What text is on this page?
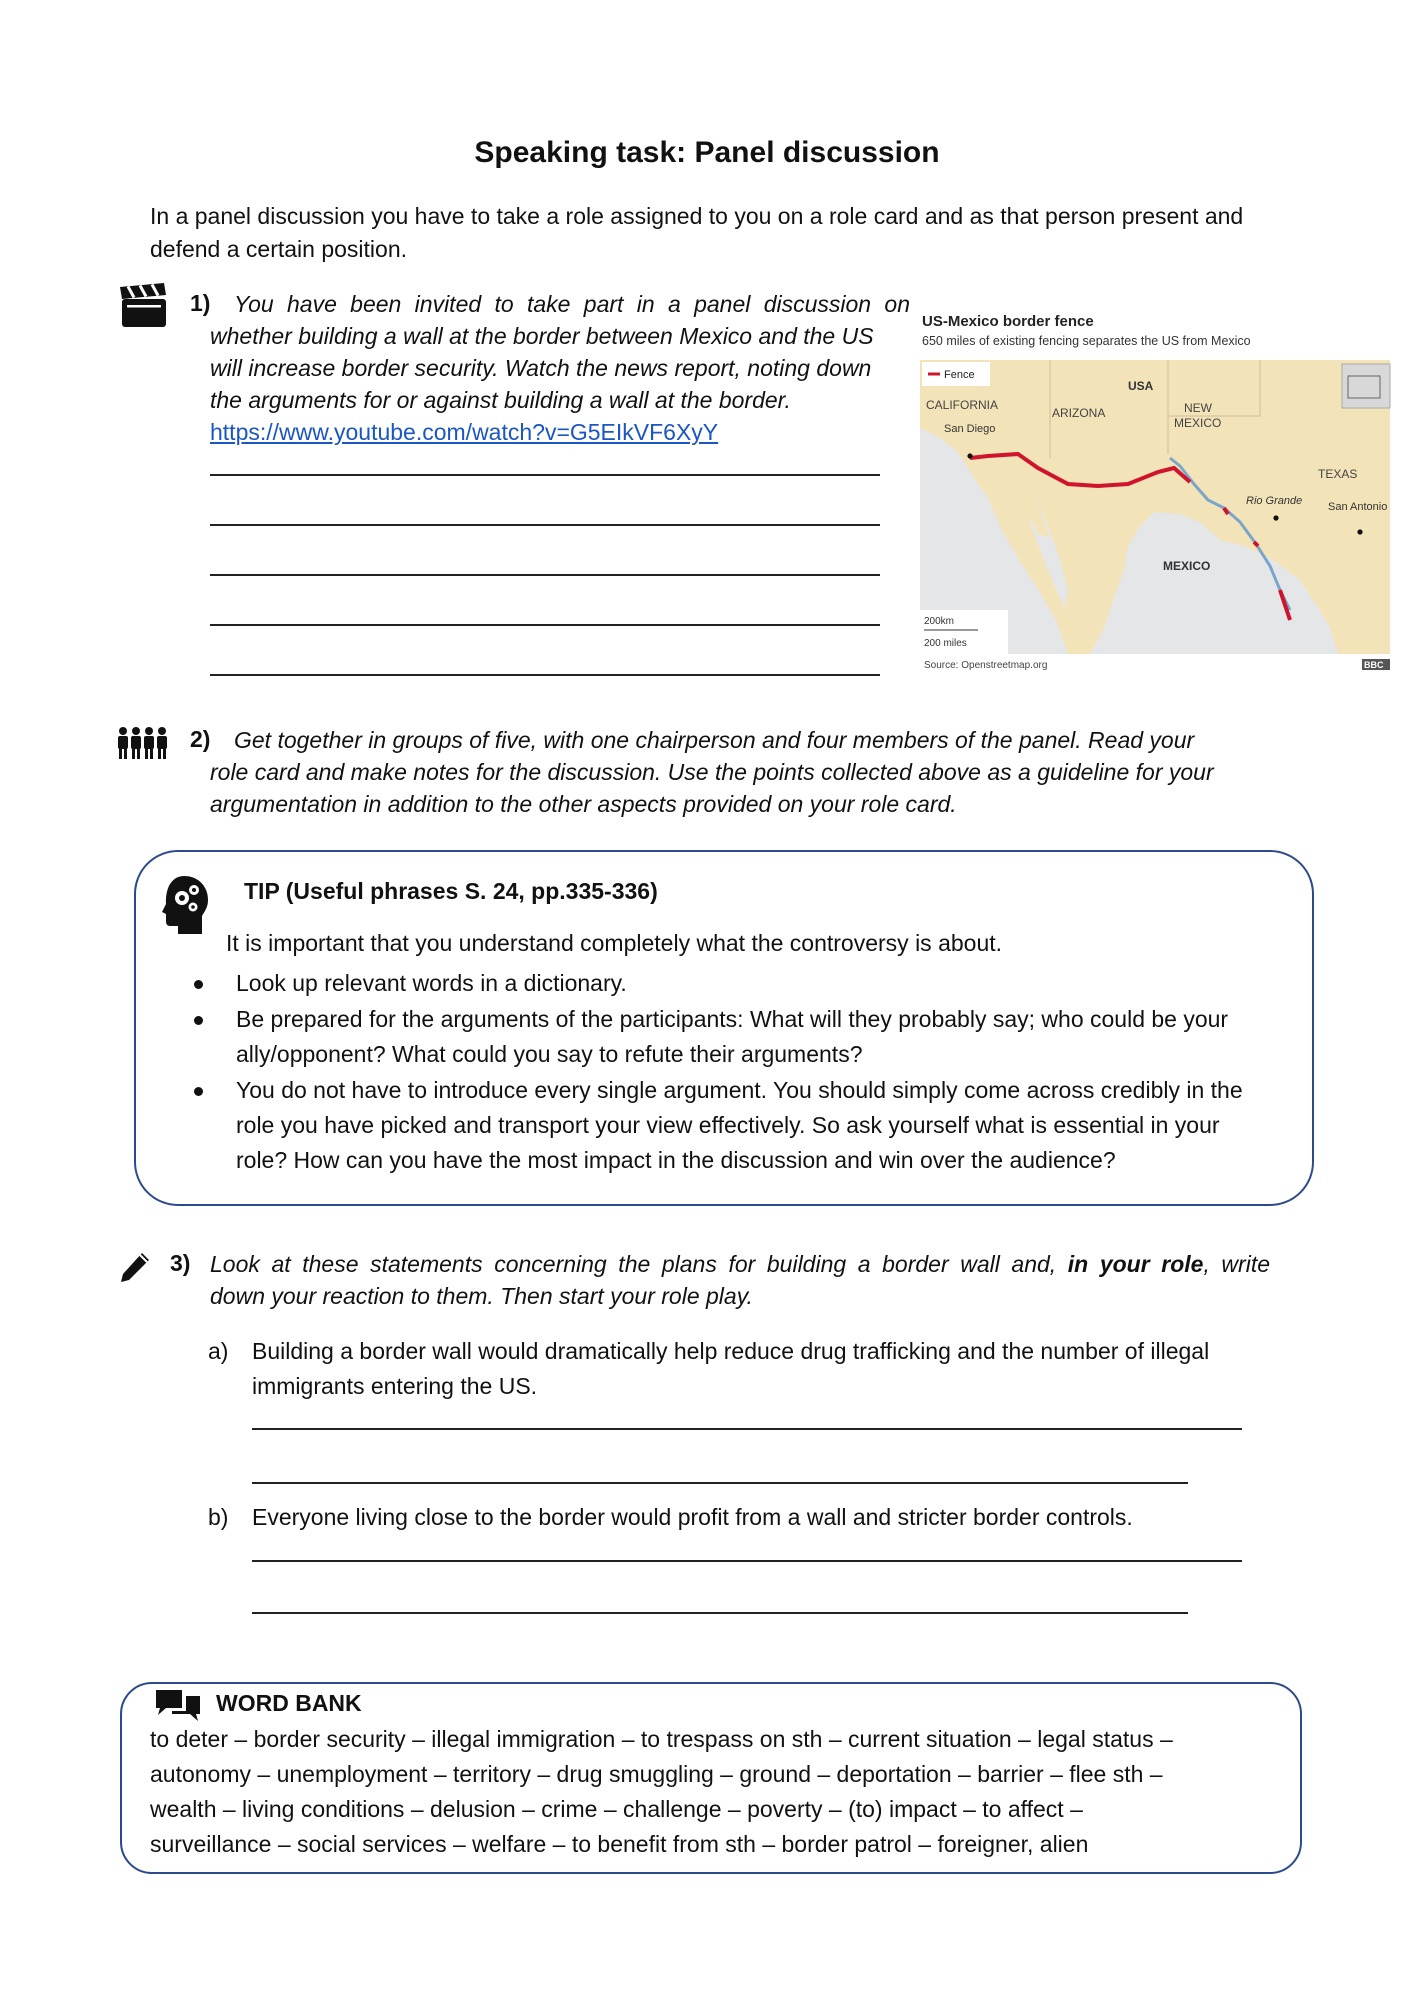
Speaking task: Panel discussion
In a panel discussion you have to take a role assigned to you on a role card and as that person present and defend a certain position.
1) You have been invited to take part in a panel discussion on
whether building a wall at the border between Mexico and the US
will increase border security. Watch the news report, noting down
the arguments for or against building a wall at the border.
https://www.youtube.com/watch?v=G5EIkVF6XyY
US-Mexico border fence
650 miles of existing fencing separates the US from Mexico
Fence
USA
CALIFORNIA
ARIZONA	NEW
MEXICO
TEXAS
MEXICO
San Diego
Rio Grande San Antonio
200km
200 miles
Source: Openstreetmap.org	BBC
2) Get together in groups of five, with one chairperson and four members of the panel. Read your
role card and make notes for the discussion. Use the points collected above as a guideline for your
argumentation in addition to the other aspects provided on your role card.
TIP (Useful phrases S. 24, pp.335-336)
It is important that you understand completely what the controversy is about.
Look up relevant words in a dictionary.
Be prepared for the arguments of the participants: What will they probably say; who could be your ally/opponent? What could you say to refute their arguments?
You do not have to introduce every single argument. You should simply come across credibly in the role you have picked and transport your view effectively. So ask yourself what is essential in your role? How can you have the most impact in the discussion and win over the audience?
3) Look at these statements concerning the plans for building a border wall and, in your role, write
down your reaction to them. Then start your role play.
a) Building a border wall would dramatically help reduce drug trafficking and the number of illegal
immigrants entering the US.
b) Everyone living close to the border would profit from a wall and stricter border controls.
WORD BANK
to deter – border security – illegal immigration – to trespass on sth – current situation – legal status –
autonomy – unemployment – territory – drug smuggling – ground – deportation – barrier – flee sth –
wealth – living conditions – delusion – crime – challenge – poverty – (to) impact – to affect –
surveillance – social services – welfare – to benefit from sth – border patrol – foreigner, alien
